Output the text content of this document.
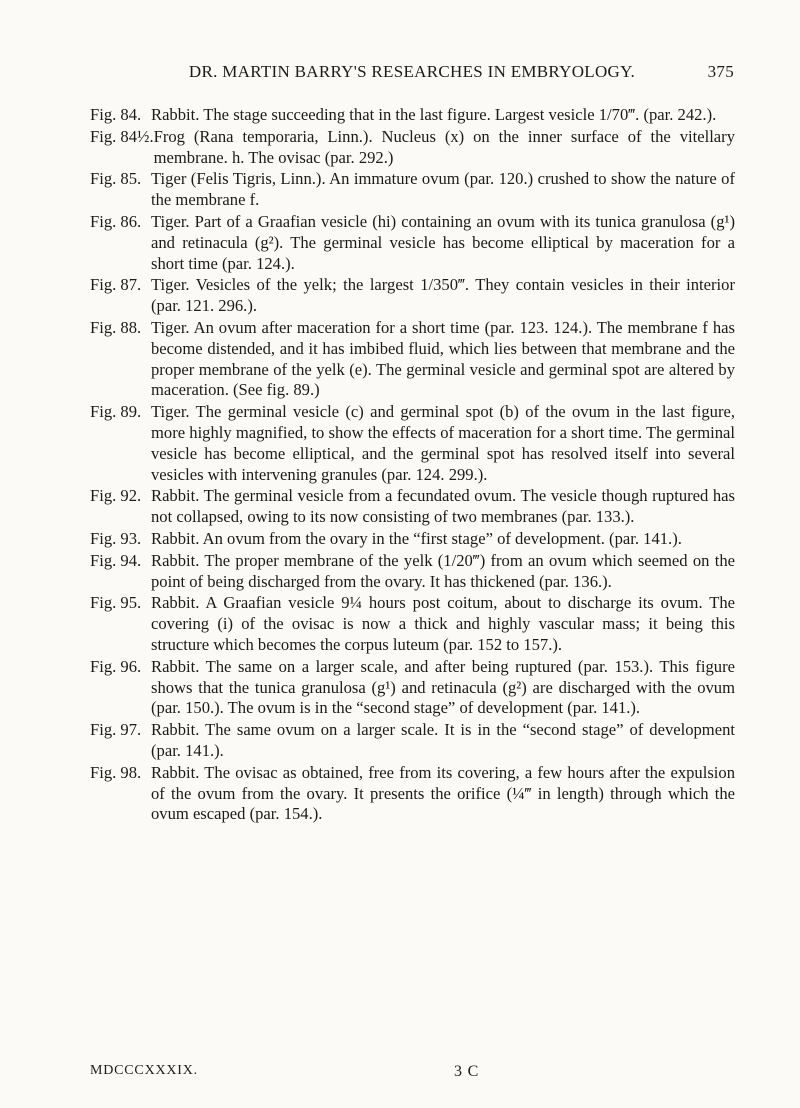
DR. MARTIN BARRY'S RESEARCHES IN EMBRYOLOGY.	375
Fig. 84. Rabbit. The stage succeeding that in the last figure. Largest vesicle 1/70‴. (par. 242.).
Fig. 84½. Frog (Rana temporaria, Linn.). Nucleus (x) on the inner surface of the vitellary membrane. h. The ovisac (par. 292.)
Fig. 85. Tiger (Felis Tigris, Linn.). An immature ovum (par. 120.) crushed to show the nature of the membrane f.
Fig. 86. Tiger. Part of a Graafian vesicle (hi) containing an ovum with its tunica granulosa (g¹) and retinacula (g²). The germinal vesicle has become elliptical by maceration for a short time (par. 124.).
Fig. 87. Tiger. Vesicles of the yelk; the largest 1/350‴. They contain vesicles in their interior (par. 121. 296.).
Fig. 88. Tiger. An ovum after maceration for a short time (par. 123. 124.). The membrane f has become distended, and it has imbibed fluid, which lies between that membrane and the proper membrane of the yelk (e). The germinal vesicle and germinal spot are altered by maceration. (See fig. 89.)
Fig. 89. Tiger. The germinal vesicle (c) and germinal spot (b) of the ovum in the last figure, more highly magnified, to show the effects of maceration for a short time. The germinal vesicle has become elliptical, and the germinal spot has resolved itself into several vesicles with intervening granules (par. 124. 299.).
Fig. 92. Rabbit. The germinal vesicle from a fecundated ovum. The vesicle though ruptured has not collapsed, owing to its now consisting of two membranes (par. 133.).
Fig. 93. Rabbit. An ovum from the ovary in the “first stage” of development. (par. 141.).
Fig. 94. Rabbit. The proper membrane of the yelk (1/20‴) from an ovum which seemed on the point of being discharged from the ovary. It has thickened (par. 136.).
Fig. 95. Rabbit. A Graafian vesicle 9¼ hours post coitum, about to discharge its ovum. The covering (i) of the ovisac is now a thick and highly vascular mass; it being this structure which becomes the corpus luteum (par. 152 to 157.).
Fig. 96. Rabbit. The same on a larger scale, and after being ruptured (par. 153.). This figure shows that the tunica granulosa (g¹) and retinacula (g²) are discharged with the ovum (par. 150.). The ovum is in the “second stage” of development (par. 141.).
Fig. 97. Rabbit. The same ovum on a larger scale. It is in the “second stage” of development (par. 141.).
Fig. 98. Rabbit. The ovisac as obtained, free from its covering, a few hours after the expulsion of the ovum from the ovary. It presents the orifice (¼‴ in length) through which the ovum escaped (par. 154.).
MDCCCXXXIX.	3 C
